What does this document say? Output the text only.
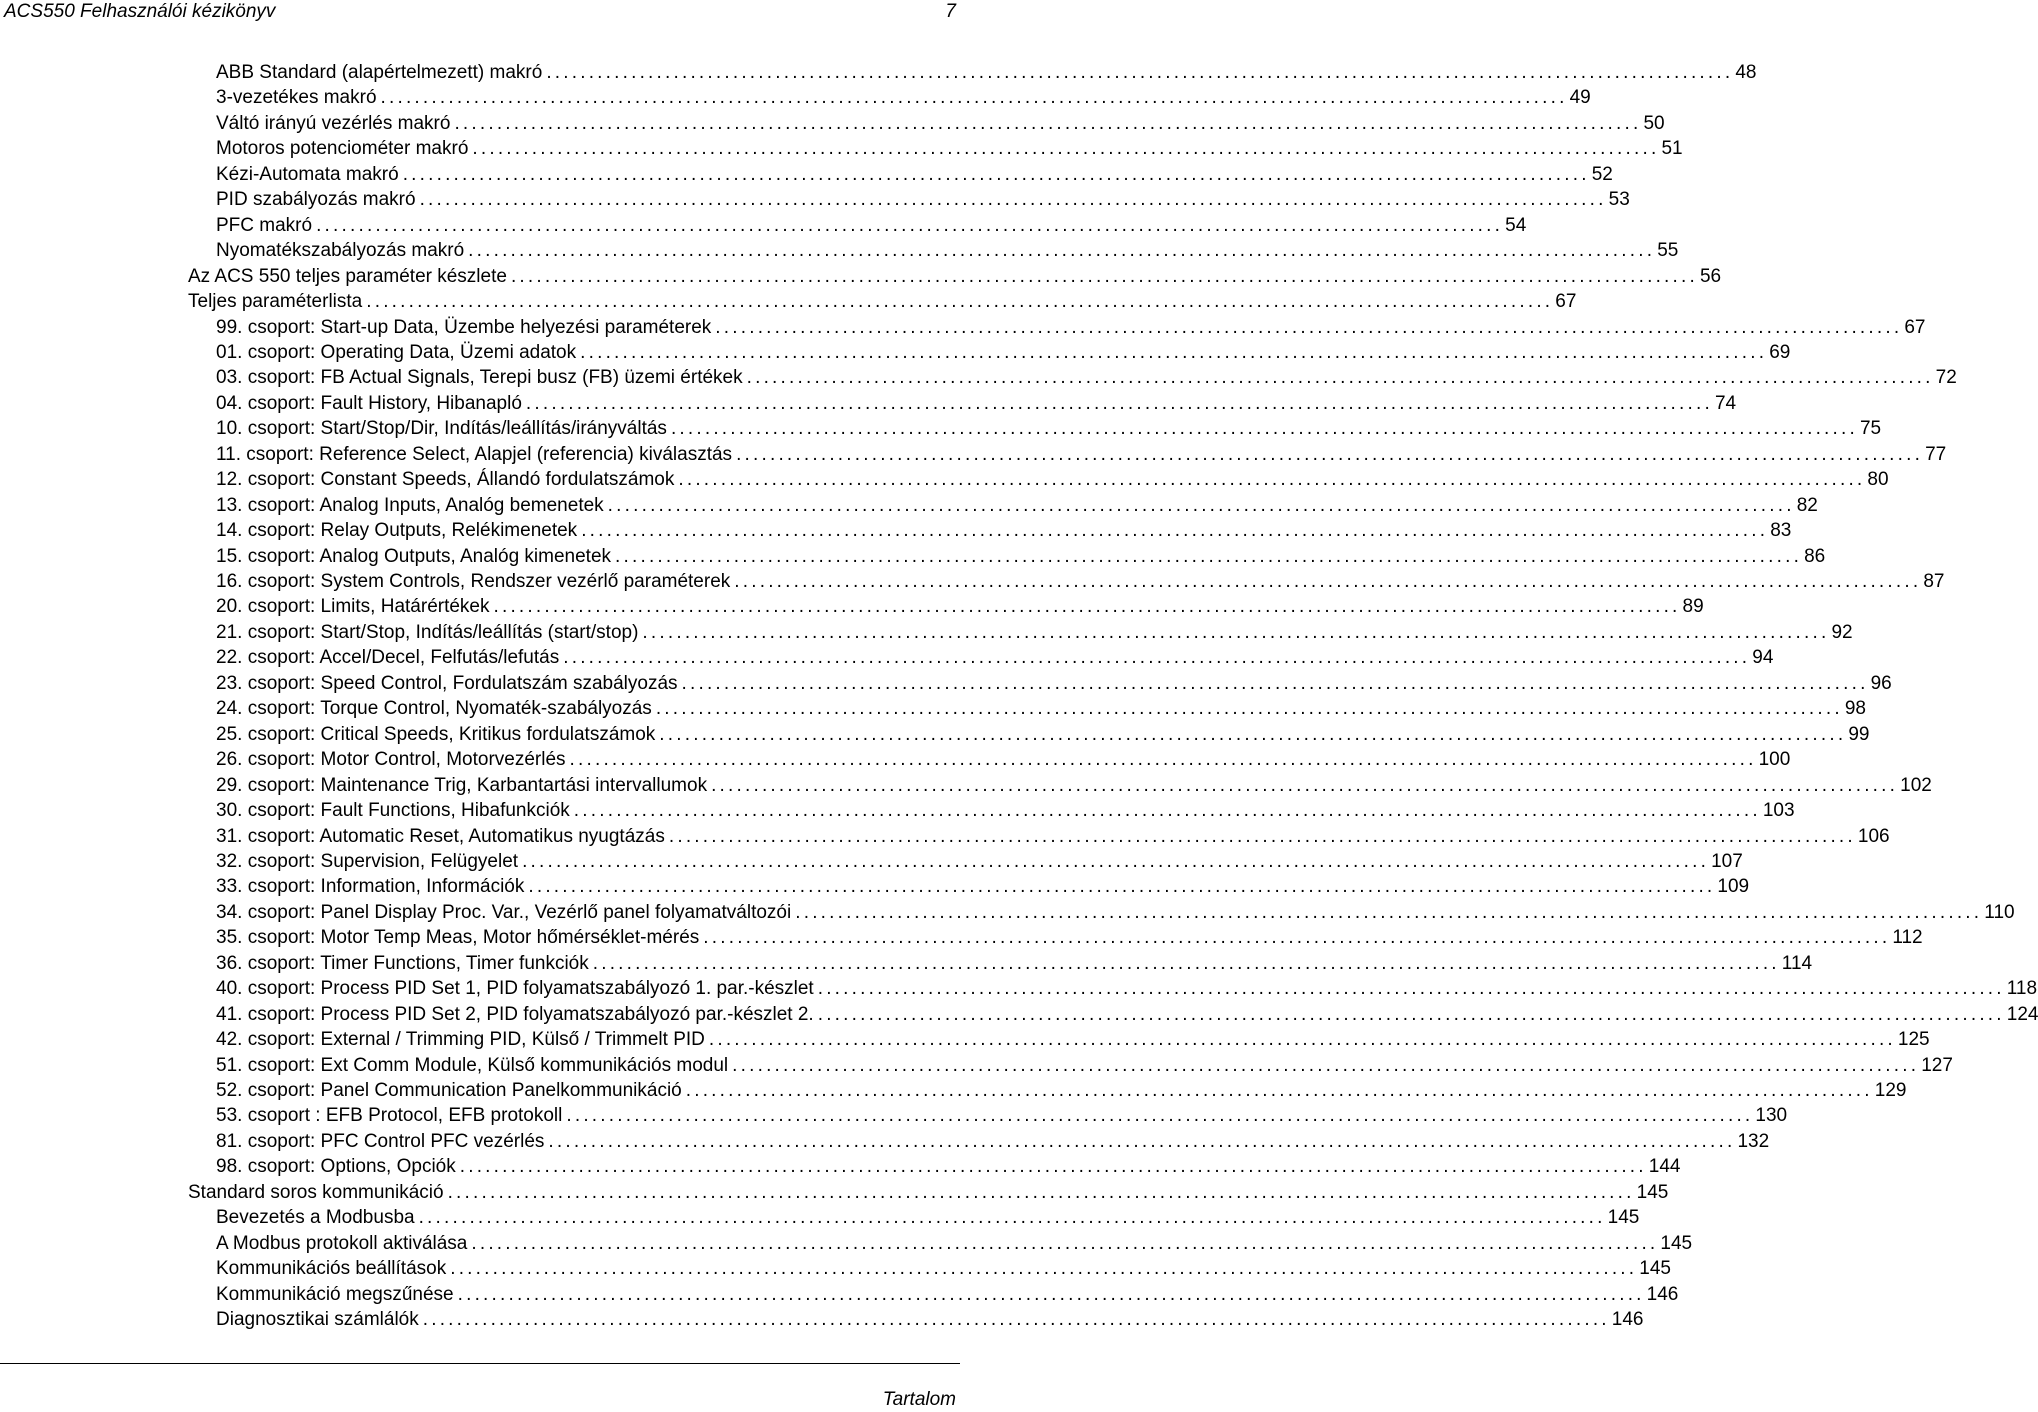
ACS550 Felhasználói kézikönyv	7
ABB Standard (alapértelmezett) makró ............................................................................................................................................ 48
3-vezetékes makró ............................................................................................................................................ 49
Váltó irányú vezérlés makró ............................................................................................................................................ 50
Motoros potenciométer makró ............................................................................................................................................ 51
Kézi-Automata makró ............................................................................................................................................ 52
PID szabályozás makró ............................................................................................................................................ 53
PFC makró ............................................................................................................................................ 54
Nyomatékszabályozás makró ............................................................................................................................................ 55
Az ACS 550 teljes paraméter készlete ............................................................................................................................................ 56
Teljes paraméterlista ............................................................................................................................................ 67
99. csoport: Start-up Data, Üzembe helyezési paraméterek ............................................................................................................................................ 67
01. csoport: Operating Data, Üzemi adatok ............................................................................................................................................ 69
03. csoport: FB Actual Signals, Terepi busz (FB) üzemi értékek ............................................................................................................................................ 72
04. csoport: Fault History, Hibanapló ............................................................................................................................................ 74
10. csoport: Start/Stop/Dir, Indítás/leállítás/irányváltás ............................................................................................................................................ 75
11. csoport: Reference Select, Alapjel (referencia) kiválasztás ............................................................................................................................................ 77
12. csoport: Constant Speeds, Állandó fordulatszámok ............................................................................................................................................ 80
13. csoport: Analog Inputs, Analóg bemenetek ............................................................................................................................................ 82
14. csoport: Relay Outputs, Relékimenetek ............................................................................................................................................ 83
15. csoport: Analog Outputs, Analóg kimenetek ............................................................................................................................................ 86
16. csoport: System Controls, Rendszer vezérlő paraméterek ............................................................................................................................................ 87
20. csoport: Limits, Határértékek ............................................................................................................................................ 89
21. csoport: Start/Stop, Indítás/leállítás (start/stop) ............................................................................................................................................ 92
22. csoport: Accel/Decel, Felfutás/lefutás ............................................................................................................................................ 94
23. csoport: Speed Control, Fordulatszám szabályozás ............................................................................................................................................ 96
24. csoport: Torque Control, Nyomaték-szabályozás ............................................................................................................................................ 98
25. csoport: Critical Speeds, Kritikus fordulatszámok ............................................................................................................................................ 99
26. csoport: Motor Control, Motorvezérlés ............................................................................................................................................ 100
29. csoport: Maintenance Trig, Karbantartási intervallumok ............................................................................................................................................ 102
30. csoport: Fault Functions, Hibafunkciók ............................................................................................................................................ 103
31. csoport: Automatic Reset, Automatikus nyugtázás ............................................................................................................................................ 106
32. csoport: Supervision, Felügyelet ............................................................................................................................................ 107
33. csoport: Information, Információk ............................................................................................................................................ 109
34. csoport: Panel Display Proc. Var., Vezérlő panel folyamatváltozói ............................................................................................................................................ 110
35. csoport: Motor Temp Meas, Motor hőmérséklet-mérés ............................................................................................................................................ 112
36. csoport: Timer Functions, Timer funkciók ............................................................................................................................................ 114
40. csoport: Process PID Set 1, PID folyamatszabályozó 1. par.-készlet ............................................................................................................................................ 118
41. csoport: Process PID Set 2, PID folyamatszabályozó par.-készlet 2. ............................................................................................................................................ 124
42. csoport: External / Trimming PID, Külső / Trimmelt PID ............................................................................................................................................ 125
51. csoport: Ext Comm Module, Külső kommunikációs modul ............................................................................................................................................ 127
52. csoport: Panel Communication Panelkommunikáció ............................................................................................................................................ 129
53. csoport : EFB Protocol, EFB protokoll ............................................................................................................................................ 130
81. csoport: PFC Control PFC vezérlés ............................................................................................................................................ 132
98. csoport: Options, Opciók ............................................................................................................................................ 144
Standard soros kommunikáció ............................................................................................................................................ 145
Bevezetés a Modbusba ............................................................................................................................................ 145
A Modbus protokoll aktiválása ............................................................................................................................................ 145
Kommunikációs beállítások ............................................................................................................................................ 145
Kommunikáció megszűnése ............................................................................................................................................ 146
Diagnosztikai számlálók ............................................................................................................................................ 146
Tartalom
